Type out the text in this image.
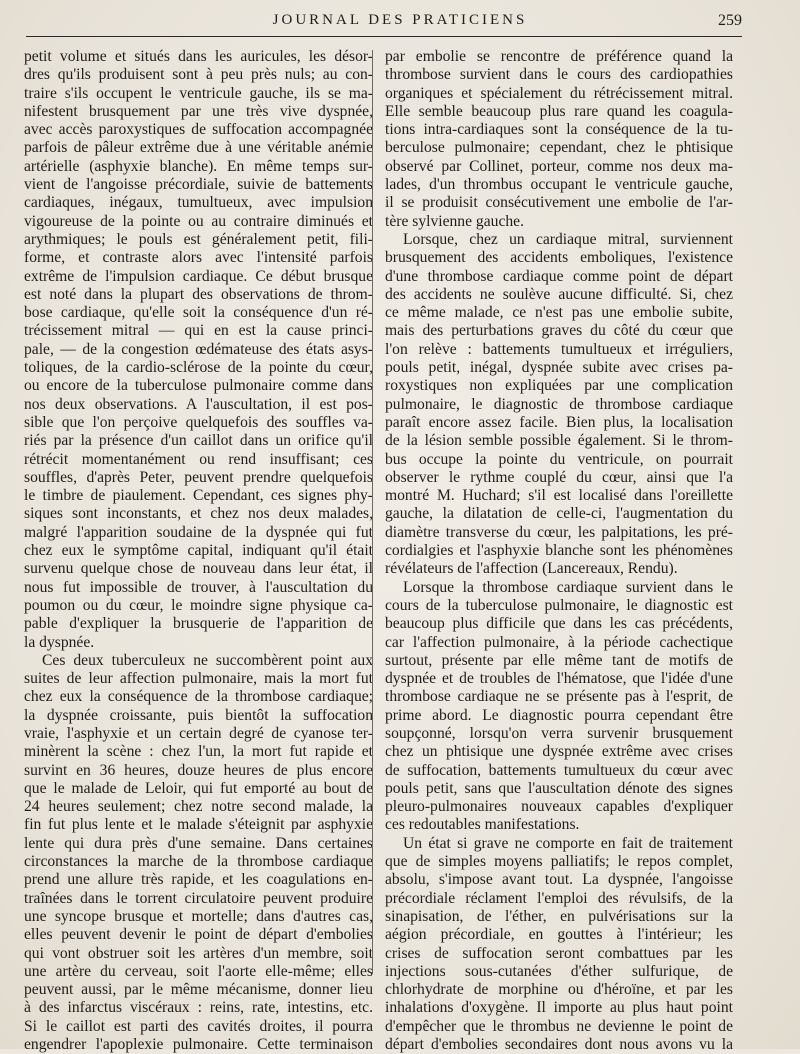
JOURNAL DES PRATICIENS	259
petit volume et situés dans les auricules, les désor-
dres qu'ils produisent sont à peu près nuls; au con-
traire s'ils occupent le ventricule gauche, ils se ma-
nifestent brusquement par une très vive dyspnée,
avec accès paroxystiques de suffocation accompagnée
parfois de pâleur extrême due à une véritable anémie
artérielle (asphyxie blanche). En même temps sur-
vient de l'angoisse précordiale, suivie de battements
cardiaques, inégaux, tumultueux, avec impulsion
vigoureuse de la pointe ou au contraire diminués et
arythmiques; le pouls est généralement petit, fili-
forme, et contraste alors avec l'intensité parfois
extrême de l'impulsion cardiaque. Ce début brusque
est noté dans la plupart des observations de throm-
bose cardiaque, qu'elle soit la conséquence d'un ré-
trécissement mitral — qui en est la cause princi-
pale, — de la congestion œdémateuse des états asys-
toliques, de la cardio-sclérose de la pointe du cœur,
ou encore de la tuberculose pulmonaire comme dans
nos deux observations. A l'auscultation, il est pos-
sible que l'on perçoive quelquefois des souffles va-
riés par la présence d'un caillot dans un orifice qu'il
rétrécit momentanément ou rend insuffisant; ces
souffles, d'après Peter, peuvent prendre quelquefois
le timbre de piaulement. Cependant, ces signes phy-
siques sont inconstants, et chez nos deux malades,
malgré l'apparition soudaine de la dyspnée qui fut
chez eux le symptôme capital, indiquant qu'il était
survenu quelque chose de nouveau dans leur état, il
nous fut impossible de trouver, à l'auscultation du
poumon ou du cœur, le moindre signe physique ca-
pable d'expliquer la brusquerie de l'apparition de
la dyspnée.
Ces deux tuberculeux ne succombèrent point aux
suites de leur affection pulmonaire, mais la mort fut
chez eux la conséquence de la thrombose cardiaque;
la dyspnée croissante, puis bientôt la suffocation
vraie, l'asphyxie et un certain degré de cyanose ter-
minèrent la scène : chez l'un, la mort fut rapide et
survint en 36 heures, douze heures de plus encore
que le malade de Leloir, qui fut emporté au bout de
24 heures seulement; chez notre second malade, la
fin fut plus lente et le malade s'éteignit par asphyxie
lente qui dura près d'une semaine. Dans certaines
circonstances la marche de la thrombose cardiaque
prend une allure très rapide, et les coagulations en-
traînées dans le torrent circulatoire peuvent produire
une syncope brusque et mortelle; dans d'autres cas,
elles peuvent devenir le point de départ d'embolies
qui vont obstruer soit les artères d'un membre, soit
une artère du cerveau, soit l'aorte elle-même; elles
peuvent aussi, par le même mécanisme, donner lieu
à des infarctus viscéraux : reins, rate, intestins, etc.
Si le caillot est parti des cavités droites, il pourra
engendrer l'apoplexie pulmonaire. Cette terminaison
par embolie se rencontre de préférence quand la
thrombose survient dans le cours des cardiopathies
organiques et spécialement du rétrécissement mitral.
Elle semble beaucoup plus rare quand les coagula-
tions intra-cardiaques sont la conséquence de la tu-
berculose pulmonaire; cependant, chez le phtisique
observé par Collinet, porteur, comme nos deux ma-
lades, d'un thrombus occupant le ventricule gauche,
il se produisit consécutivement une embolie de l'ar-
tère sylvienne gauche.
Lorsque, chez un cardiaque mitral, surviennent
brusquement des accidents emboliques, l'existence
d'une thrombose cardiaque comme point de départ
des accidents ne soulève aucune difficulté. Si, chez
ce même malade, ce n'est pas une embolie subite,
mais des perturbations graves du côté du cœur que
l'on relève : battements tumultueux et irréguliers,
pouls petit, inégal, dyspnée subite avec crises pa-
roxystiques non expliquées par une complication
pulmonaire, le diagnostic de thrombose cardiaque
paraît encore assez facile. Bien plus, la localisation
de la lésion semble possible également. Si le throm-
bus occupe la pointe du ventricule, on pourrait
observer le rythme couplé du cœur, ainsi que l'a
montré M. Huchard; s'il est localisé dans l'oreillette
gauche, la dilatation de celle-ci, l'augmentation du
diamètre transverse du cœur, les palpitations, les pré-
cordialgies et l'asphyxie blanche sont les phénomènes
révélateurs de l'affection (Lancereaux, Rendu).
Lorsque la thrombose cardiaque survient dans le
cours de la tuberculose pulmonaire, le diagnostic est
beaucoup plus difficile que dans les cas précédents,
car l'affection pulmonaire, à la période cachectique
surtout, présente par elle même tant de motifs de
dyspnée et de troubles de l'hématose, que l'idée d'une
thrombose cardiaque ne se présente pas à l'esprit, de
prime abord. Le diagnostic pourra cependant être
soupçonné, lorsqu'on verra survenir brusquement
chez un phtisique une dyspnée extrême avec crises
de suffocation, battements tumultueux du cœur avec
pouls petit, sans que l'auscultation dénote des signes
pleuro-pulmonaires nouveaux capables d'expliquer
ces redoutables manifestations.
Un état si grave ne comporte en fait de traitement
que de simples moyens palliatifs; le repos complet,
absolu, s'impose avant tout. La dyspnée, l'angoisse
précordiale réclament l'emploi des révulsifs, de la
sinapisation, de l'éther, en pulvérisations sur la
aégion précordiale, en gouttes à l'intérieur; les
crises de suffocation seront combattues par les
injections sous-cutanées d'éther sulfurique, de
chlorhydrate de morphine ou d'héroïne, et par les
inhalations d'oxygène. Il importe au plus haut point
d'empêcher que le thrombus ne devienne le point de
départ d'embolies secondaires dont nous avons vu la
